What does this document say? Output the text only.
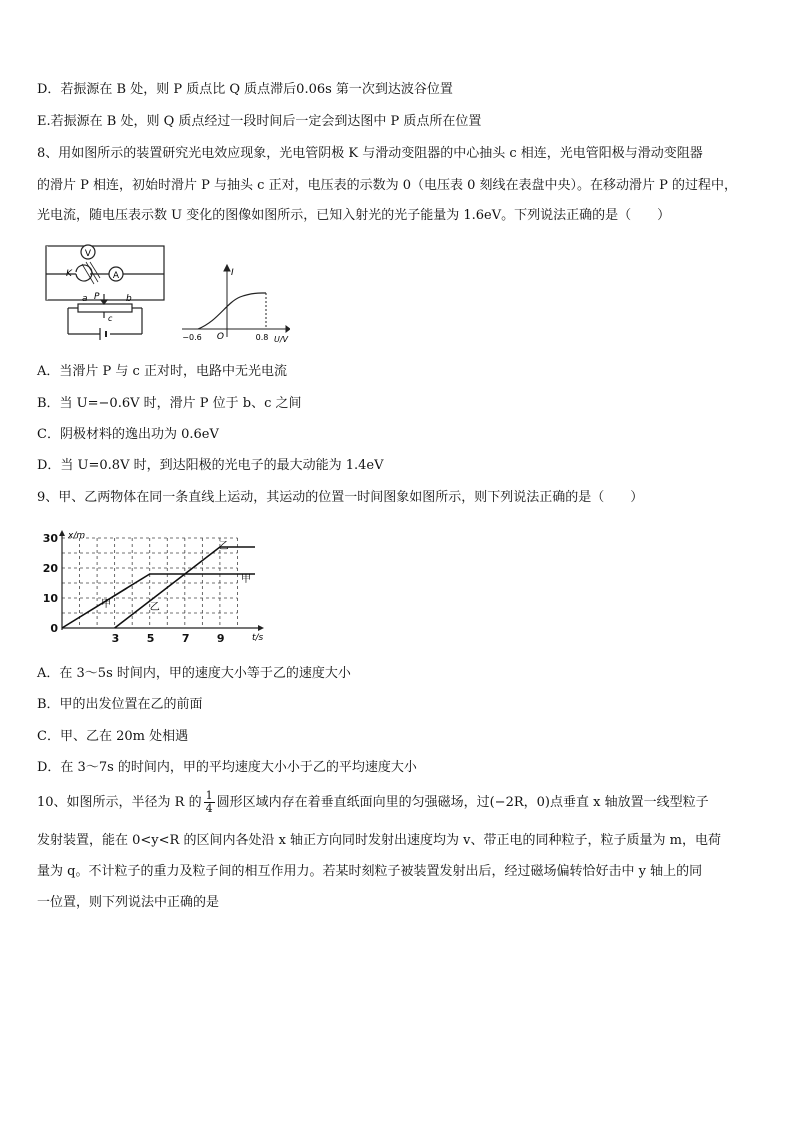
D．若振源在 B 处，则 P 质点比 Q 质点滞后0.06s 第一次到达波谷位置
E.若振源在 B 处，则 Q 质点经过一段时间后一定会到达图中 P 质点所在位置
8、用如图所示的装置研究光电效应现象，光电管阴极 K 与滑动变阻器的中心抽头 c 相连，光电管阳极与滑动变阻器
的滑片 P 相连，初始时滑片 P 与抽头 c 正对，电压表的示数为 0（电压表 0 刻线在表盘中央）。在移动滑片 P 的过程中，
光电流，随电压表示数 U 变化的图像如图所示，已知入射光的光子能量为 1.6eV。下列说法正确的是（　　）
V
A
K
a P	b
c
I
O
−0.6	0.8 U/V
A．当滑片 P 与 c 正对时，电路中无光电流
B．当 U=−0.6V 时，滑片 P 位于 b、c 之间
C．阴极材料的逸出功为 0.6eV
D．当 U=0.8V 时，到达阳极的光电子的最大动能为 1.4eV
9、甲、乙两物体在同一条直线上运动，其运动的位置一时间图象如图所示，则下列说法正确的是（　　）
3 5 7 9
0
10
20
30 x/m
t/s
甲
甲
乙
乙
A．在 3～5s 时间内，甲的速度大小等于乙的速度大小
B．甲的出发位置在乙的前面
C．甲、乙在 20m 处相遇
D．在 3～7s 的时间内，甲的平均速度大小小于乙的平均速度大小
10、如图所示，半径为 R 的 $\frac{1}{4}$ 圆形区域内存在着垂直纸面向里的匀强磁场，过(−2R，0)点垂直 x 轴放置一线型粒子
发射装置，能在 0<y<R 的区间内各处沿 x 轴正方向同时发射出速度均为 v、带正电的同种粒子，粒子质量为 m，电荷
量为 q。不计粒子的重力及粒子间的相互作用力。若某时刻粒子被装置发射出后，经过磁场偏转恰好击中 y 轴上的同
一位置，则下列说法中正确的是
